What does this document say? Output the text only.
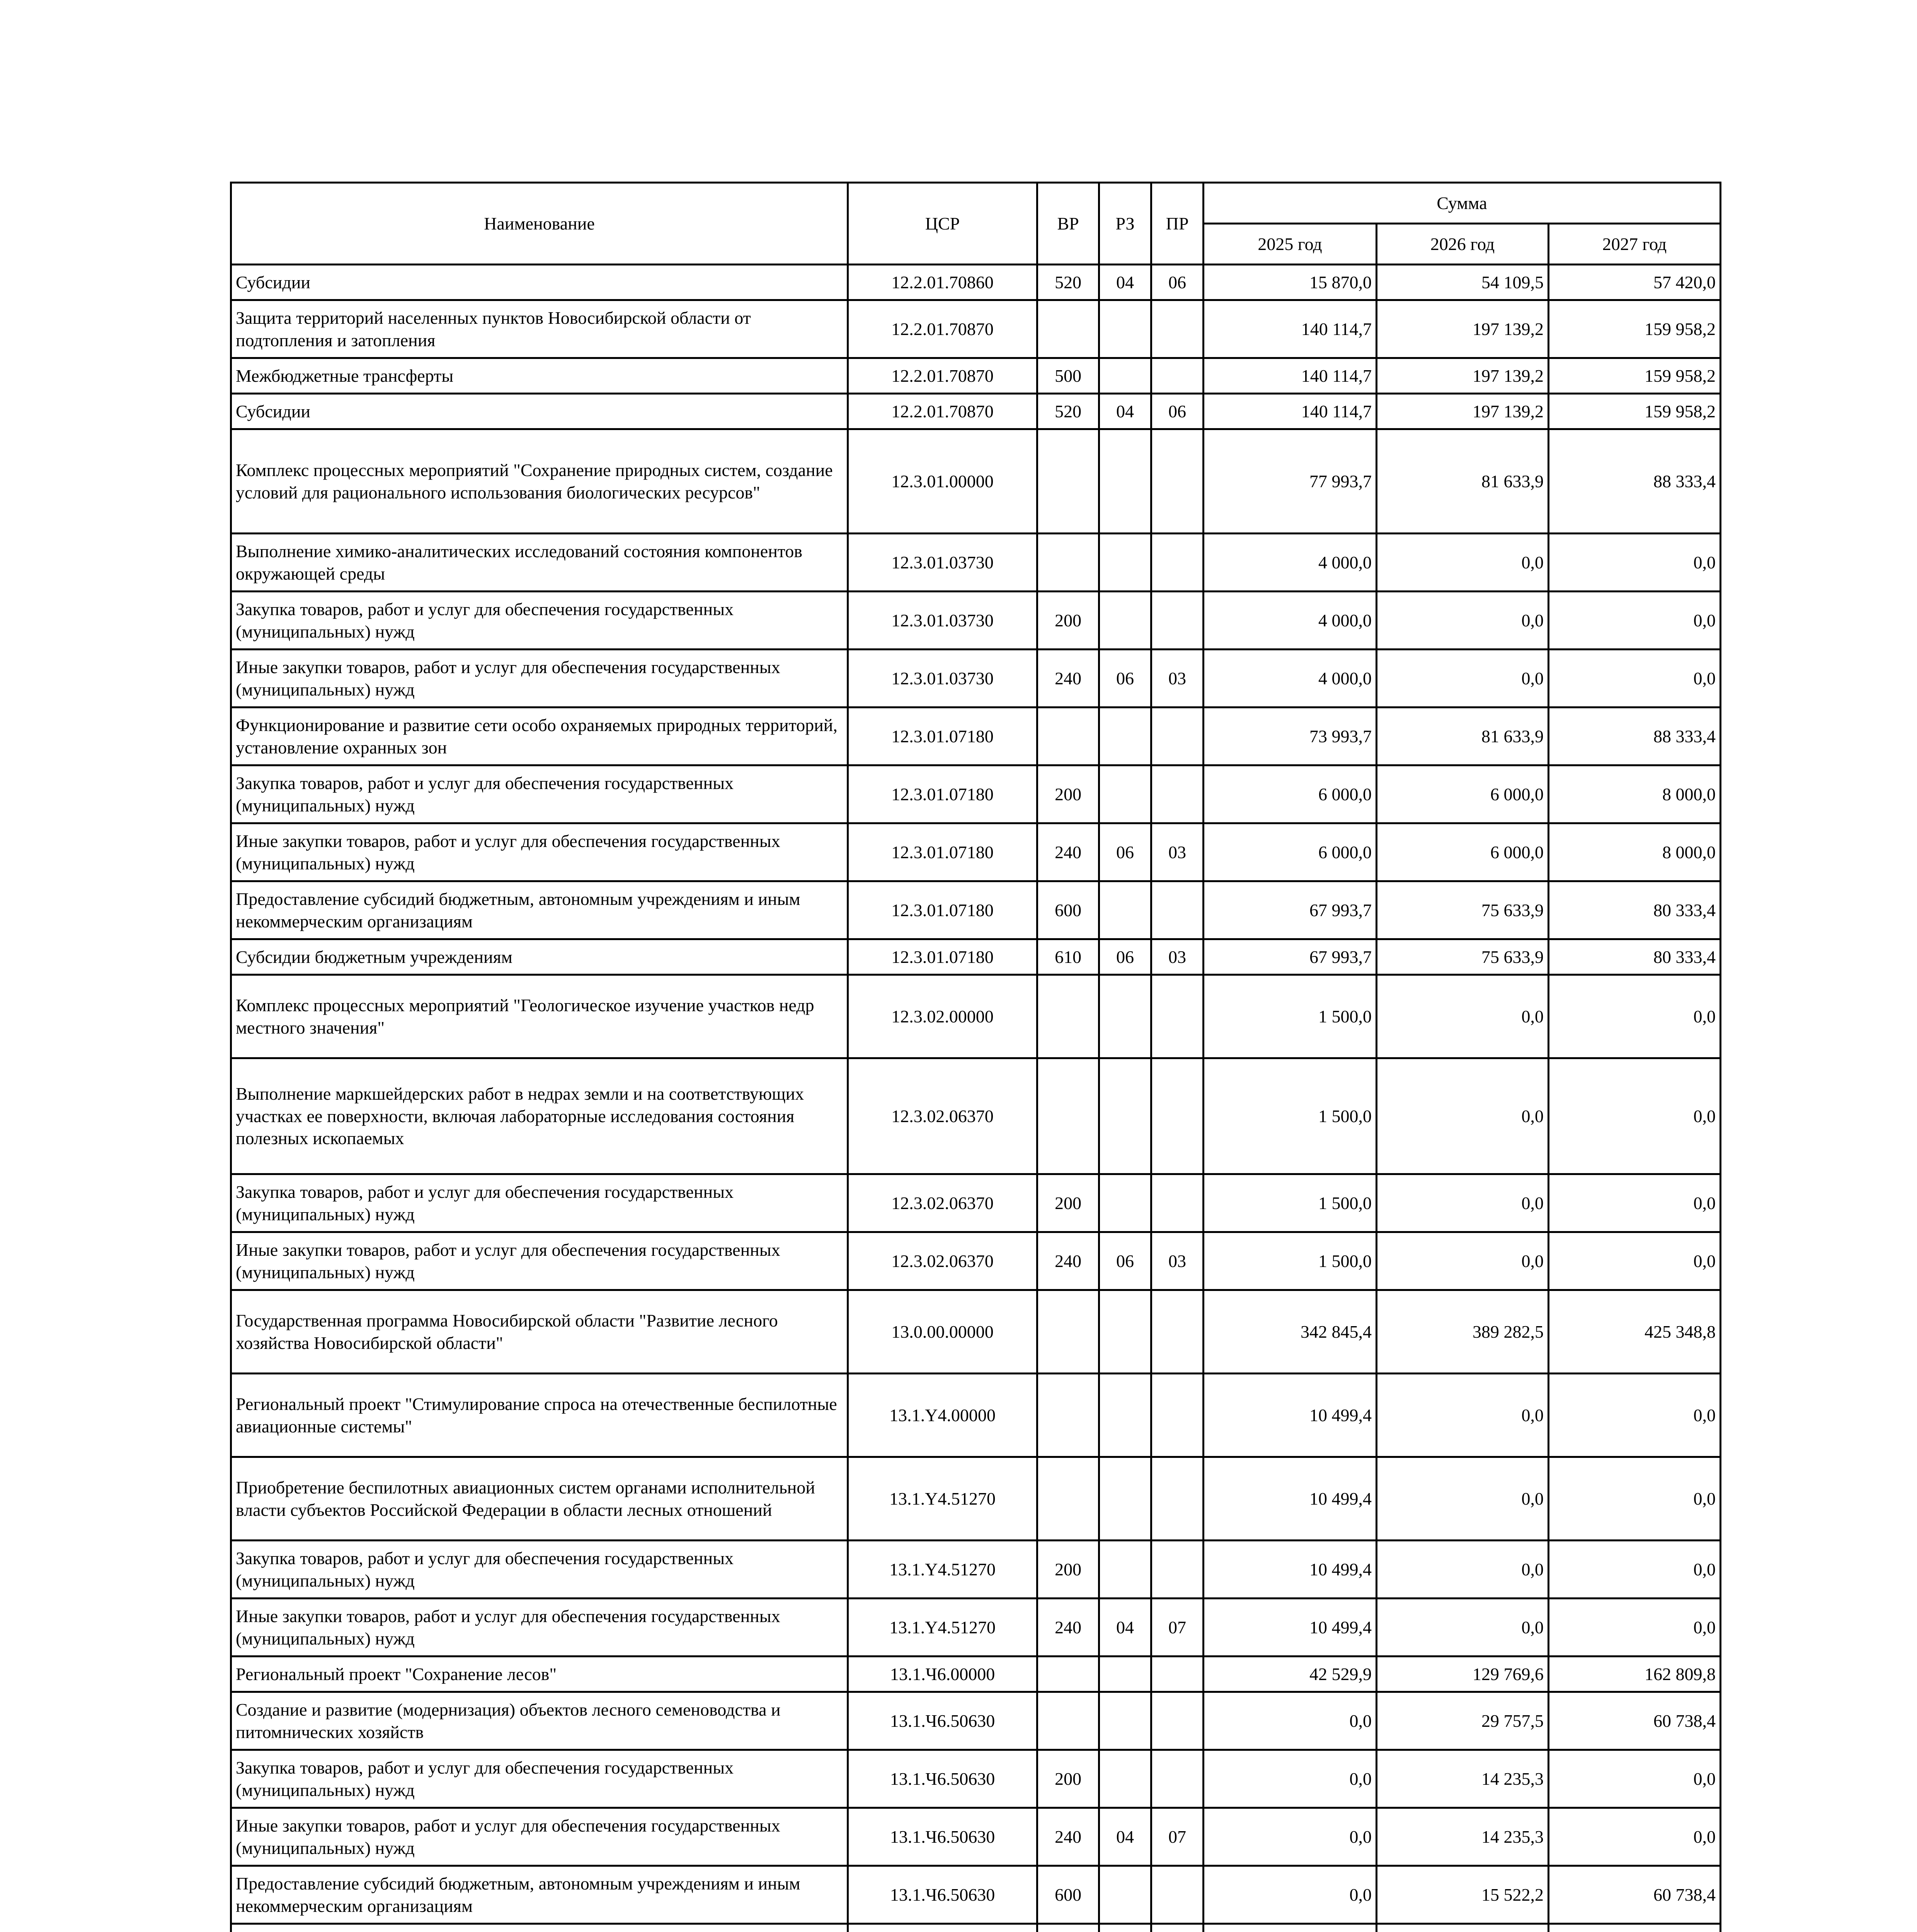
Наименование	ЦСР	ВР	РЗ	ПР	Сумма		
					2025 год	2026 год	2027 год
Субсидии	12.2.01.70860	520	04	06	15 870,0	54 109,5	57 420,0
Защита территорий населенных пунктов Новосибирской области от подтопления и затопления	12.2.01.70870				140 114,7	197 139,2	159 958,2
Межбюджетные трансферты	12.2.01.70870	500			140 114,7	197 139,2	159 958,2
Субсидии	12.2.01.70870	520	04	06	140 114,7	197 139,2	159 958,2
Комплекс процессных мероприятий "Сохранение природных систем, создание условий для рационального использования биологических ресурсов"	12.3.01.00000				77 993,7	81 633,9	88 333,4
Выполнение химико-аналитических исследований состояния компонентов окружающей среды	12.3.01.03730				4 000,0	0,0	0,0
Закупка товаров, работ и услуг для обеспечения государственных (муниципальных) нужд	12.3.01.03730	200			4 000,0	0,0	0,0
Иные закупки товаров, работ и услуг для обеспечения государственных (муниципальных) нужд	12.3.01.03730	240	06	03	4 000,0	0,0	0,0
Функционирование и развитие сети особо охраняемых природных территорий, установление охранных зон	12.3.01.07180				73 993,7	81 633,9	88 333,4
Закупка товаров, работ и услуг для обеспечения государственных (муниципальных) нужд	12.3.01.07180	200			6 000,0	6 000,0	8 000,0
Иные закупки товаров, работ и услуг для обеспечения государственных (муниципальных) нужд	12.3.01.07180	240	06	03	6 000,0	6 000,0	8 000,0
Предоставление субсидий бюджетным, автономным учреждениям и иным некоммерческим организациям	12.3.01.07180	600			67 993,7	75 633,9	80 333,4
Субсидии бюджетным учреждениям	12.3.01.07180	610	06	03	67 993,7	75 633,9	80 333,4
Комплекс процессных мероприятий "Геологическое изучение участков недр местного значения"	12.3.02.00000				1 500,0	0,0	0,0
Выполнение маркшейдерских работ в недрах земли и на соответствующих участках ее поверхности, включая лабораторные исследования состояния полезных ископаемых	12.3.02.06370				1 500,0	0,0	0,0
Закупка товаров, работ и услуг для обеспечения государственных (муниципальных) нужд	12.3.02.06370	200			1 500,0	0,0	0,0
Иные закупки товаров, работ и услуг для обеспечения государственных (муниципальных) нужд	12.3.02.06370	240	06	03	1 500,0	0,0	0,0
Государственная программа Новосибирской области "Развитие лесного хозяйства Новосибирской области"	13.0.00.00000				342 845,4	389 282,5	425 348,8
Региональный проект "Стимулирование спроса на отечественные беспилотные авиационные системы"	13.1.Y4.00000				10 499,4	0,0	0,0
Приобретение беспилотных авиационных систем органами исполнительной власти субъектов Российской Федерации в области лесных отношений	13.1.Y4.51270				10 499,4	0,0	0,0
Закупка товаров, работ и услуг для обеспечения государственных (муниципальных) нужд	13.1.Y4.51270	200			10 499,4	0,0	0,0
Иные закупки товаров, работ и услуг для обеспечения государственных (муниципальных) нужд	13.1.Y4.51270	240	04	07	10 499,4	0,0	0,0
Региональный проект "Сохранение лесов"	13.1.Ч6.00000				42 529,9	129 769,6	162 809,8
Создание и развитие (модернизация) объектов лесного семеноводства и питомнических хозяйств	13.1.Ч6.50630				0,0	29 757,5	60 738,4
Закупка товаров, работ и услуг для обеспечения государственных (муниципальных) нужд	13.1.Ч6.50630	200			0,0	14 235,3	0,0
Иные закупки товаров, работ и услуг для обеспечения государственных (муниципальных) нужд	13.1.Ч6.50630	240	04	07	0,0	14 235,3	0,0
Предоставление субсидий бюджетным, автономным учреждениям и иным некоммерческим организациям	13.1.Ч6.50630	600			0,0	15 522,2	60 738,4
